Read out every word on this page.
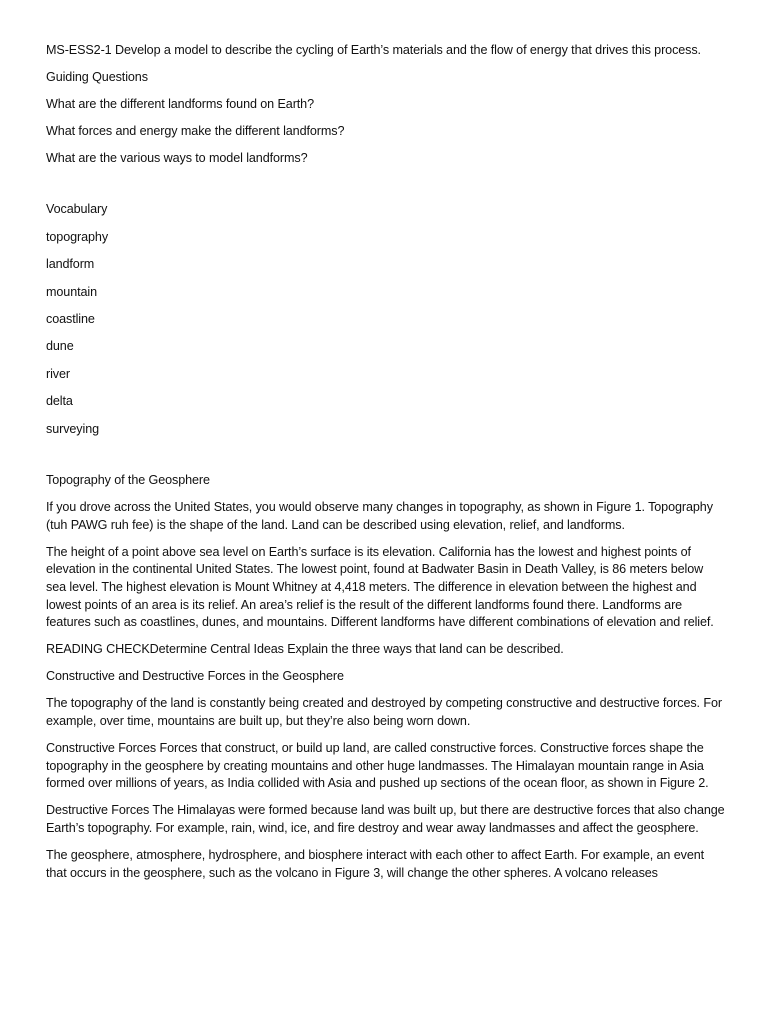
MS-ESS2-1 Develop a model to describe the cycling of Earth’s materials and the flow of energy that drives this process.

Guiding Questions

What are the different landforms found on Earth?

What forces and energy make the different landforms?

What are the various ways to model landforms?

Vocabulary

topography

landform

mountain

coastline

dune

river

delta

surveying

Topography of the Geosphere

If you drove across the United States, you would observe many changes in topography, as shown in Figure 1. Topography (tuh PAWG ruh fee) is the shape of the land. Land can be described using elevation, relief, and landforms.

The height of a point above sea level on Earth’s surface is its elevation. California has the lowest and highest points of elevation in the continental United States. The lowest point, found at Badwater Basin in Death Valley, is 86 meters below sea level. The highest elevation is Mount Whitney at 4,418 meters. The difference in elevation between the highest and lowest points of an area is its relief. An area’s relief is the result of the different landforms found there. Landforms are features such as coastlines, dunes, and mountains. Different landforms have different combinations of elevation and relief.

READING CHECKDetermine Central Ideas Explain the three ways that land can be described.

Constructive and Destructive Forces in the Geosphere

The topography of the land is constantly being created and destroyed by competing constructive and destructive forces. For example, over time, mountains are built up, but they’re also being worn down.

Constructive Forces Forces that construct, or build up land, are called constructive forces. Constructive forces shape the topography in the geosphere by creating mountains and other huge landmasses. The Himalayan mountain range in Asia formed over millions of years, as India collided with Asia and pushed up sections of the ocean floor, as shown in Figure 2.

Destructive Forces The Himalayas were formed because land was built up, but there are destructive forces that also change Earth’s topography. For example, rain, wind, ice, and fire destroy and wear away landmasses and affect the geosphere.

The geosphere, atmosphere, hydrosphere, and biosphere interact with each other to affect Earth. For example, an event that occurs in the geosphere, such as the volcano in Figure 3, will change the other spheres. A volcano releases
